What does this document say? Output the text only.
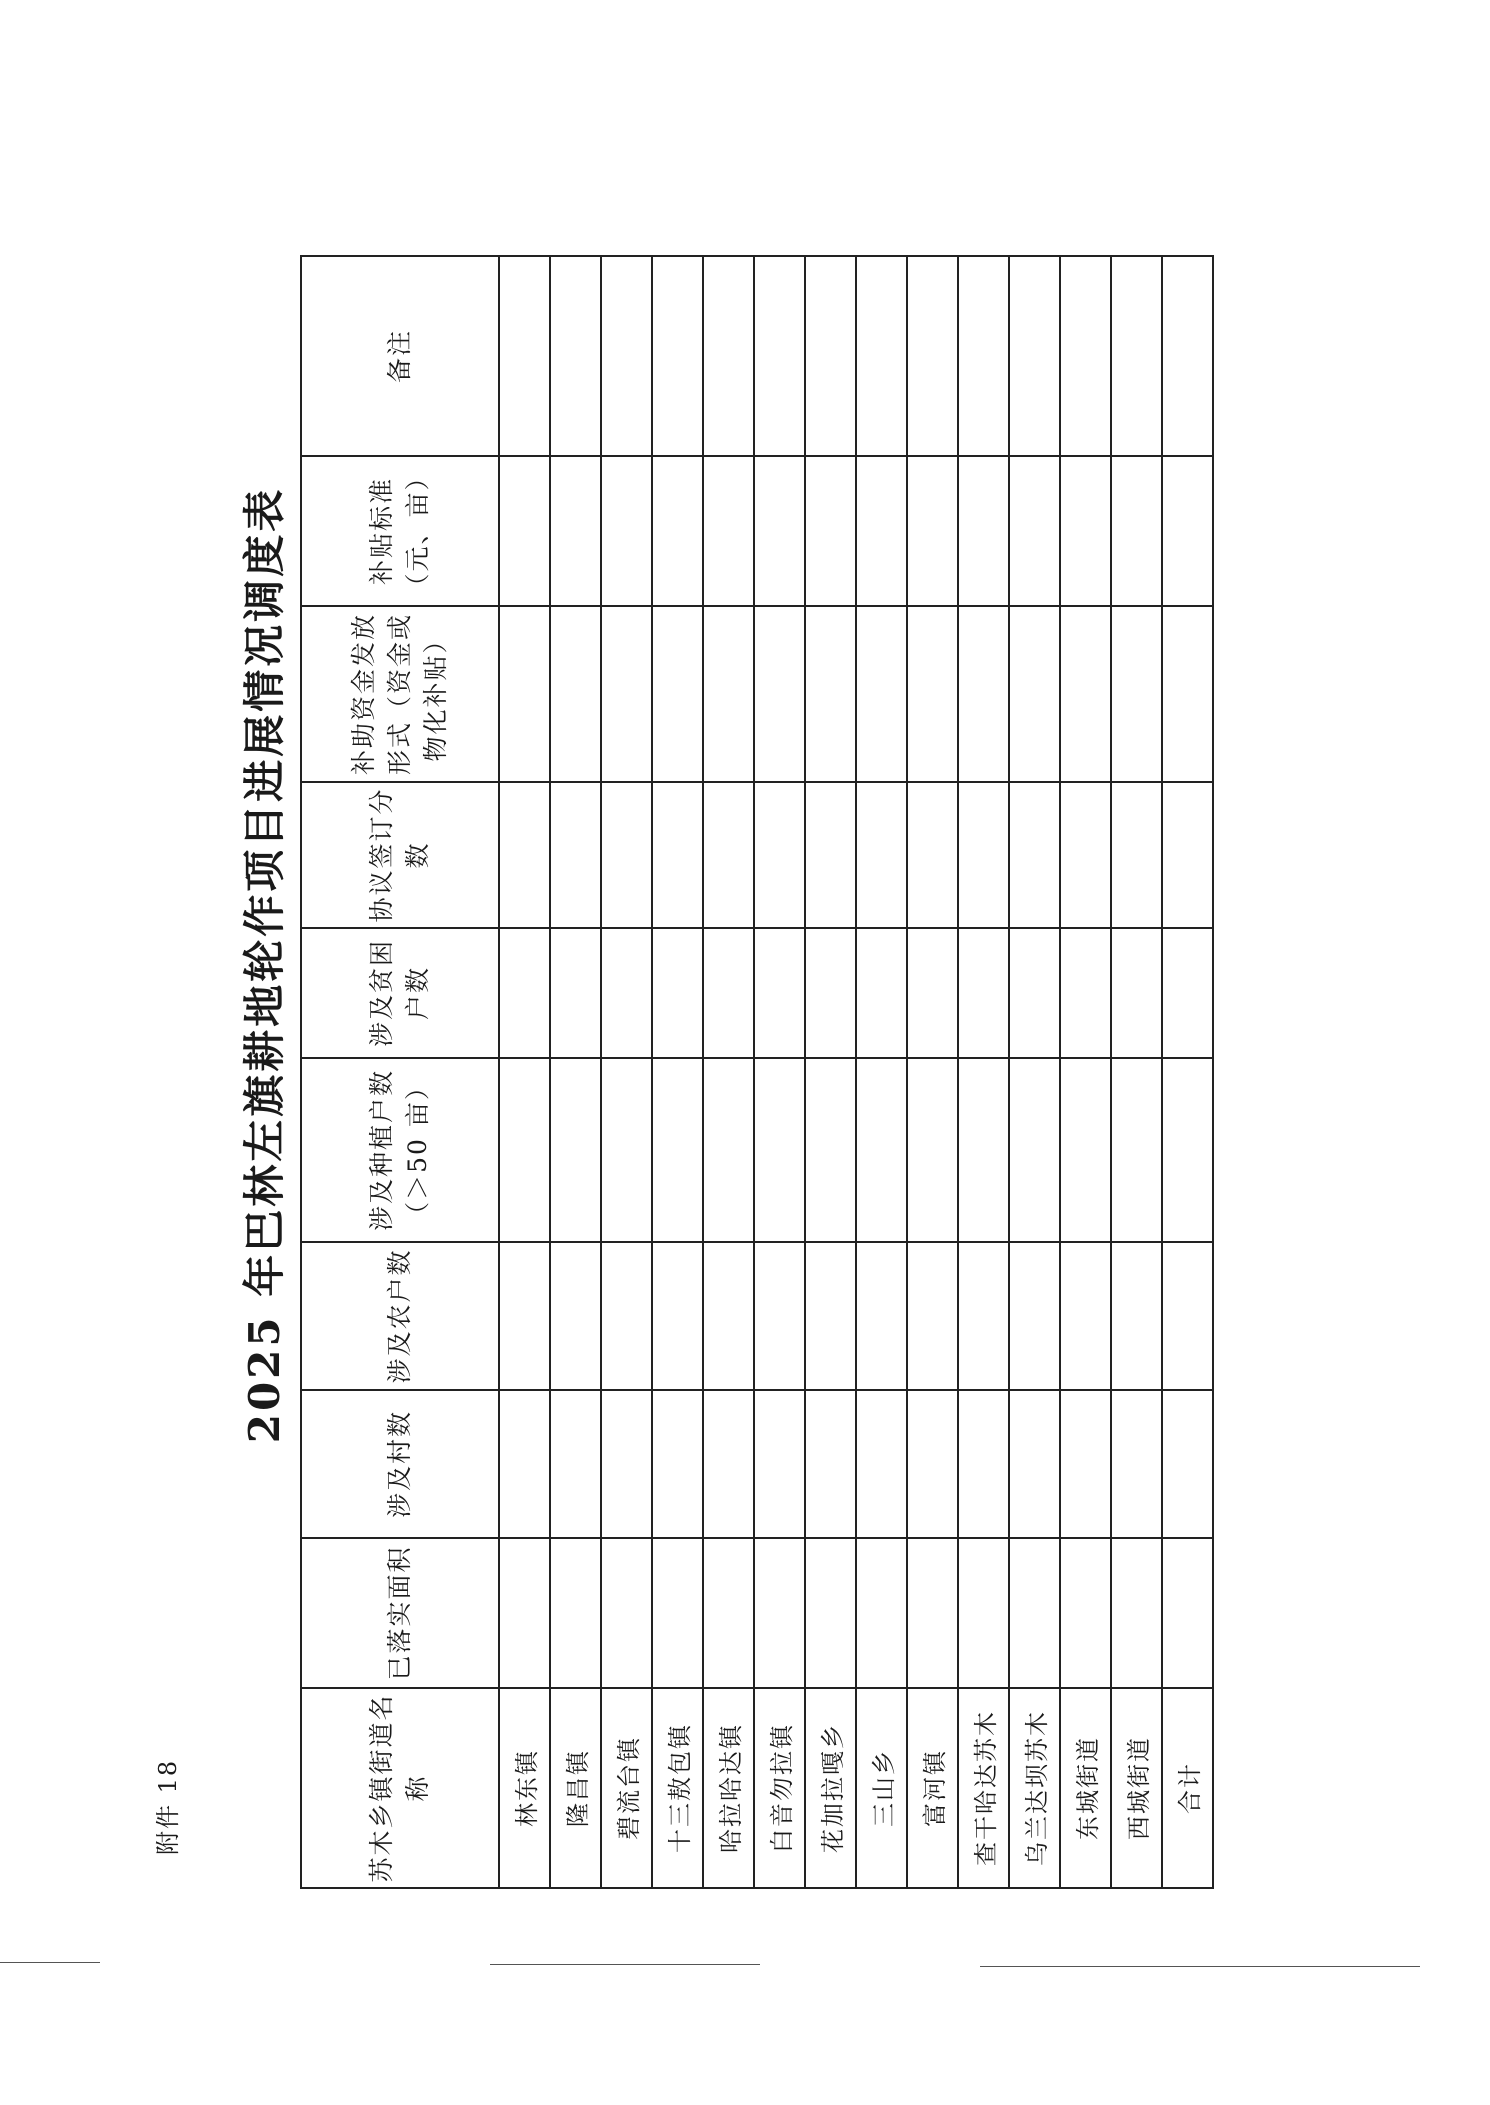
附件 18
2025 年巴林左旗耕地轮作项目进展情况调度表
苏木乡镇街道名称	已落实面积	涉及村数	涉及农户数	涉及种植户数（＞50 亩）	涉及贫困户数	协议签订分数	补助资金发放形式（资金或物化补贴）	补贴标准（元、亩）	备注
林东镇									
隆昌镇									
碧流台镇									
十三敖包镇									
哈拉哈达镇									
白音勿拉镇									
花加拉嘎乡									
三山乡									
富河镇									
查干哈达苏木									
乌兰达坝苏木									
东城街道									
西城街道									
合计									
